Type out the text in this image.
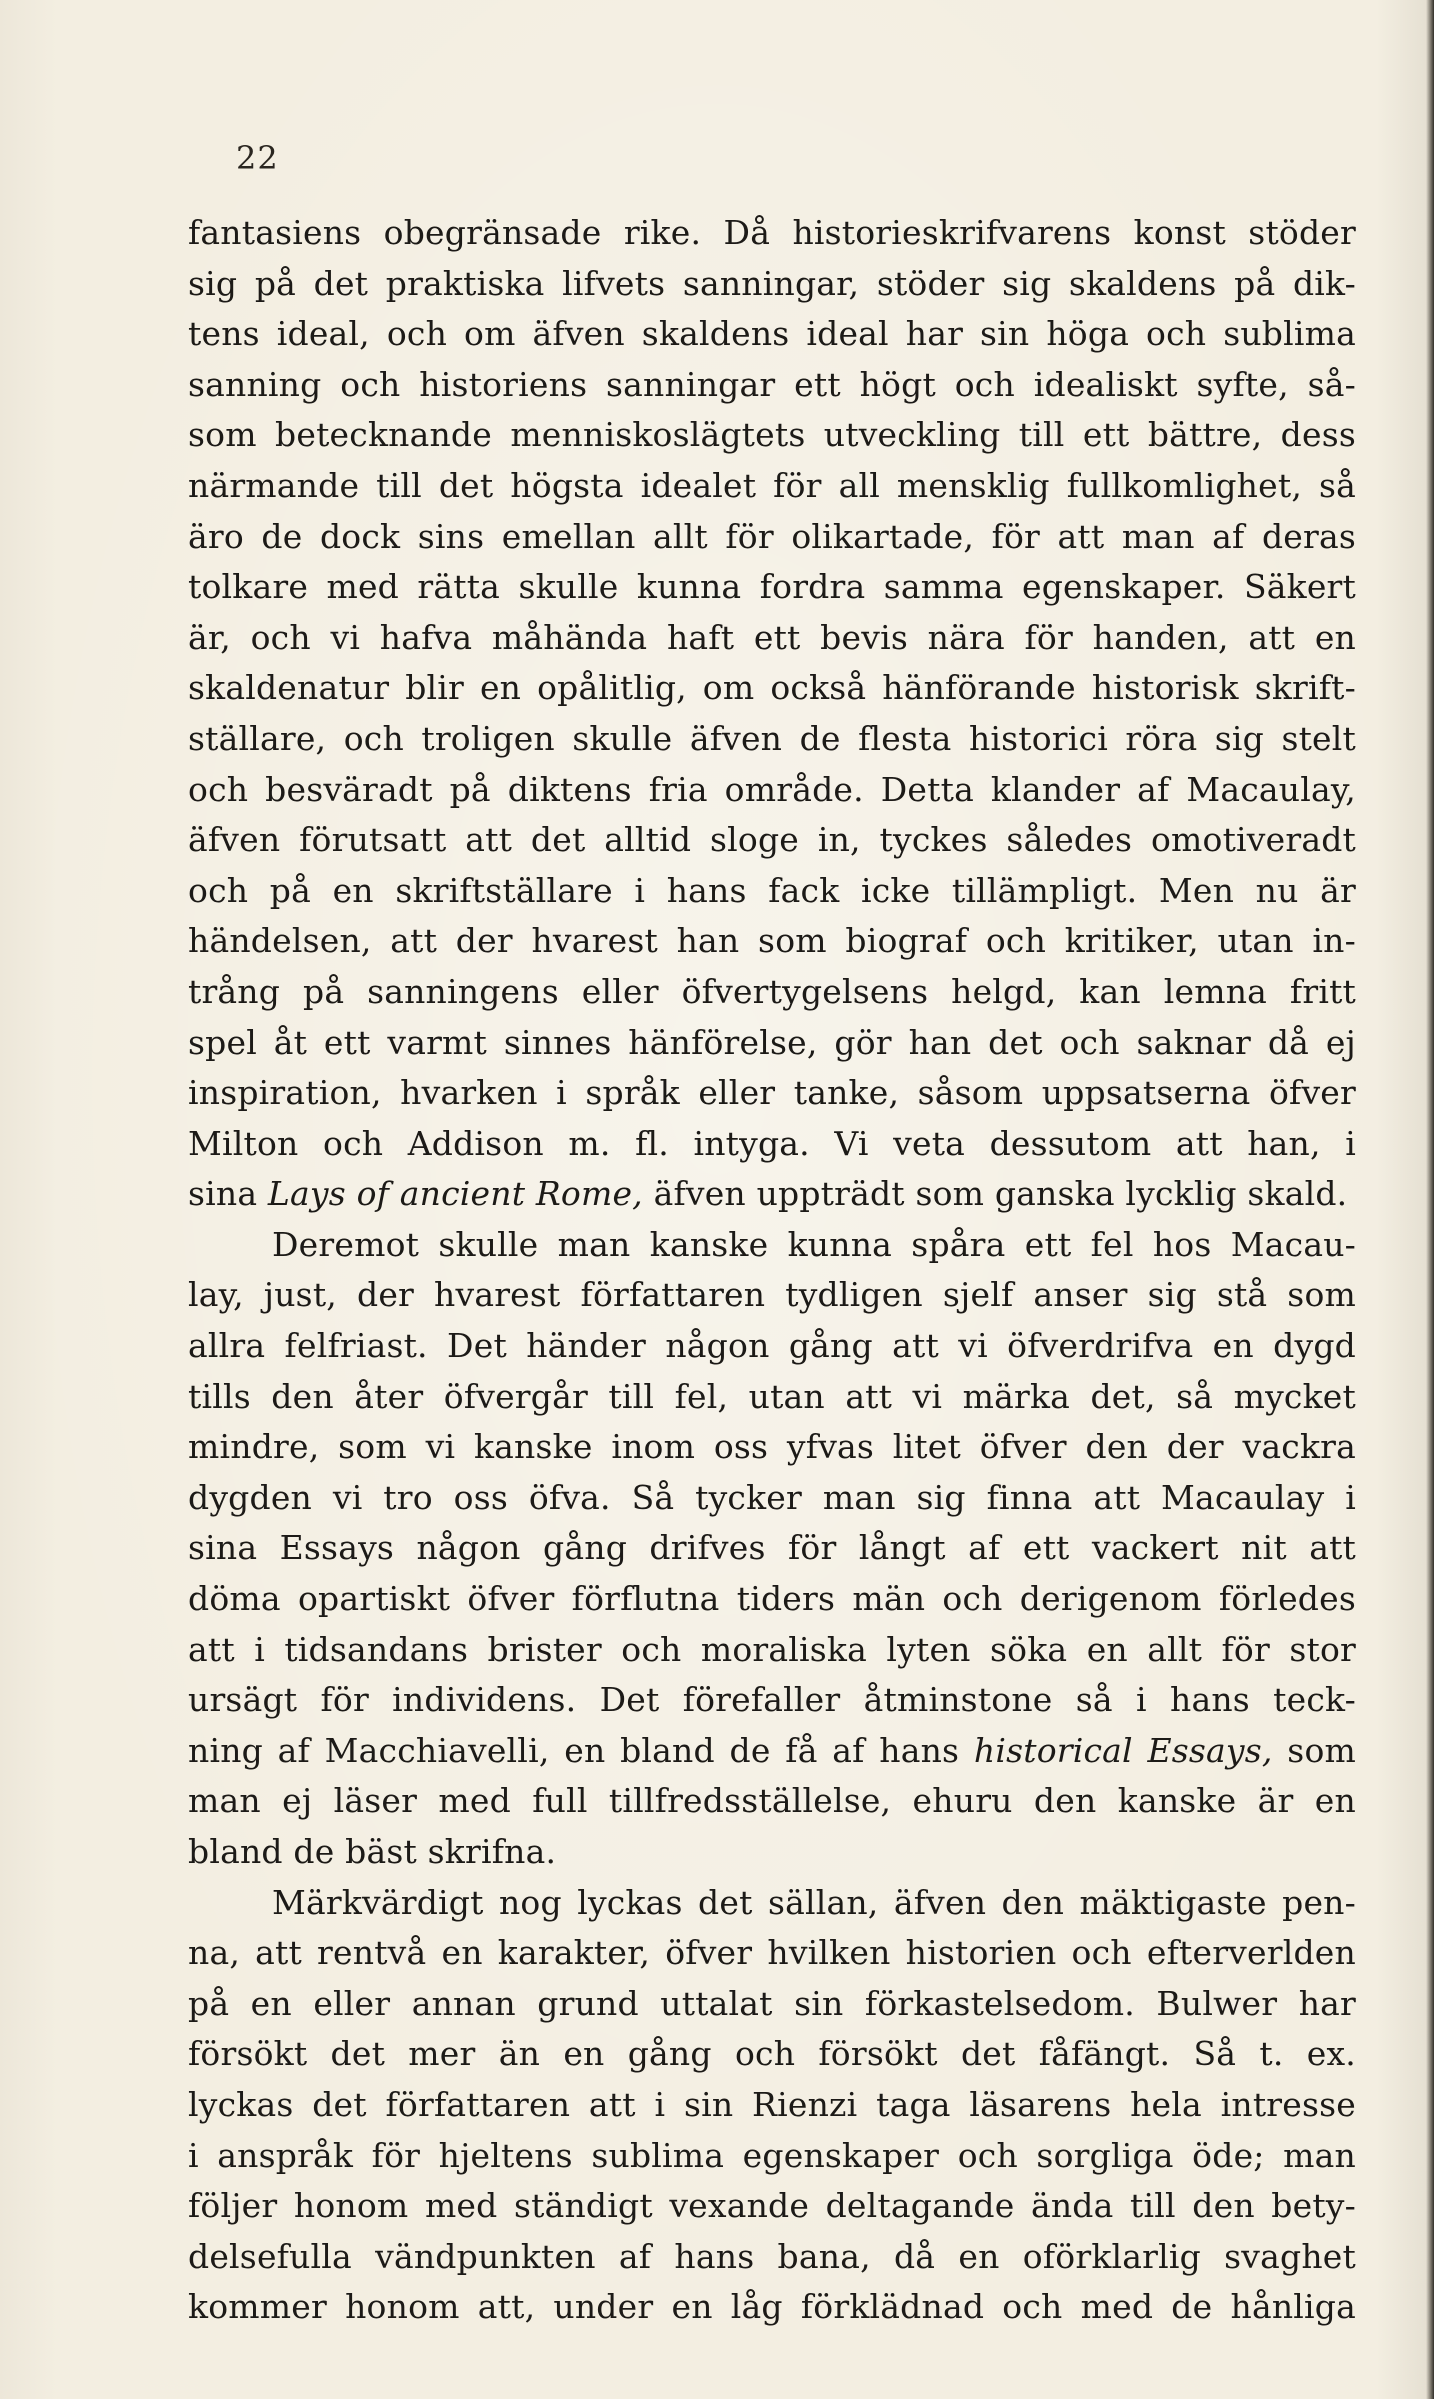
22
fantasiens obegränsade rike. Då historieskrifvarens konst stöder
sig på det praktiska lifvets sanningar, stöder sig skaldens på dik-
tens ideal, och om äfven skaldens ideal har sin höga och sublima
sanning och historiens sanningar ett högt och idealiskt syfte, så-
som betecknande menniskoslägtets utveckling till ett bättre, dess
närmande till det högsta idealet för all mensklig fullkomlighet, så
äro de dock sins emellan allt för olikartade, för att man af deras
tolkare med rätta skulle kunna fordra samma egenskaper. Säkert
är, och vi hafva måhända haft ett bevis nära för handen, att en
skaldenatur blir en opålitlig, om också hänförande historisk skrift-
ställare, och troligen skulle äfven de flesta historici röra sig stelt
och besväradt på diktens fria område. Detta klander af Macaulay,
äfven förutsatt att det alltid sloge in, tyckes således omotiveradt
och på en skriftställare i hans fack icke tillämpligt. Men nu är
händelsen, att der hvarest han som biograf och kritiker, utan in-
trång på sanningens eller öfvertygelsens helgd, kan lemna fritt
spel åt ett varmt sinnes hänförelse, gör han det och saknar då ej
inspiration, hvarken i språk eller tanke, såsom uppsatserna öfver
Milton och Addison m. fl. intyga. Vi veta dessutom att han, i
sina Lays of ancient Rome, äfven uppträdt som ganska lycklig skald.
Deremot skulle man kanske kunna spåra ett fel hos Macau-
lay, just, der hvarest författaren tydligen sjelf anser sig stå som
allra felfriast. Det händer någon gång att vi öfverdrifva en dygd
tills den åter öfvergår till fel, utan att vi märka det, så mycket
mindre, som vi kanske inom oss yfvas litet öfver den der vackra
dygden vi tro oss öfva. Så tycker man sig finna att Macaulay i
sina Essays någon gång drifves för långt af ett vackert nit att
döma opartiskt öfver förflutna tiders män och derigenom förledes
att i tidsandans brister och moraliska lyten söka en allt för stor
ursägt för individens. Det förefaller åtminstone så i hans teck-
ning af Macchiavelli, en bland de få af hans historical Essays, som
man ej läser med full tillfredsställelse, ehuru den kanske är en
bland de bäst skrifna.
Märkvärdigt nog lyckas det sällan, äfven den mäktigaste pen-
na, att rentvå en karakter, öfver hvilken historien och efterverlden
på en eller annan grund uttalat sin förkastelsedom. Bulwer har
försökt det mer än en gång och försökt det fåfängt. Så t. ex.
lyckas det författaren att i sin Rienzi taga läsarens hela intresse
i anspråk för hjeltens sublima egenskaper och sorgliga öde; man
följer honom med ständigt vexande deltagande ända till den bety-
delsefulla vändpunkten af hans bana, då en oförklarlig svaghet
kommer honom att, under en låg förklädnad och med de hånliga
